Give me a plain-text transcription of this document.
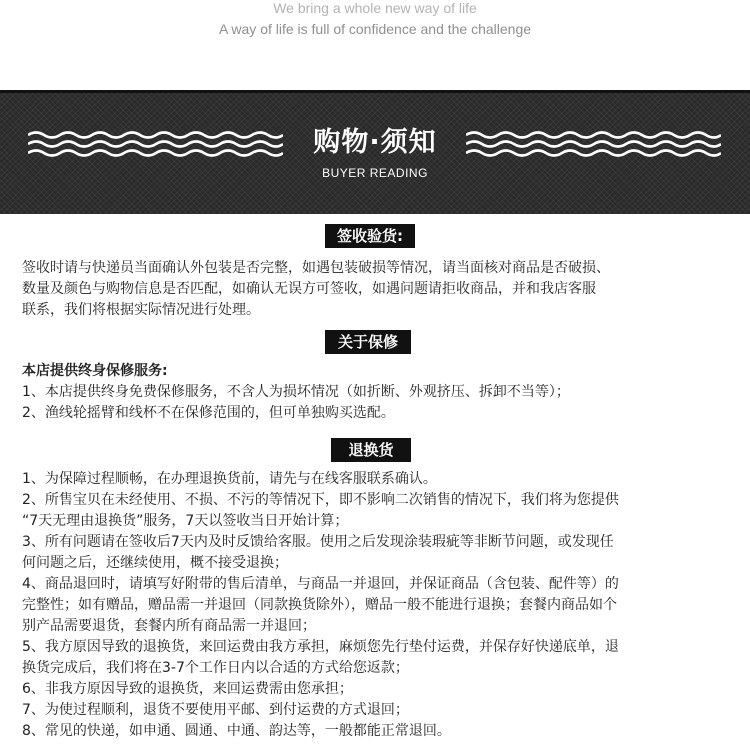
We bring a whole new way of life
A way of life is full of confidence and the challenge
购物·须知
BUYER READING
签收验货:
签收时请与快递员当面确认外包装是否完整，如遇包装破损等情况，请当面核对商品是否破损、
数量及颜色与购物信息是否匹配，如确认无误方可签收，如遇问题请拒收商品，并和我店客服
联系，我们将根据实际情况进行处理。
关于保修
本店提供终身保修服务:
1、本店提供终身免费保修服务，不含人为损坏情况（如折断、外观挤压、拆卸不当等）；
2、渔线轮摇臂和线杯不在保修范围的，但可单独购买选配。
退换货
1、为保障过程顺畅，在办理退换货前，请先与在线客服联系确认。
2、所售宝贝在未经使用、不损、不污的等情况下，即不影响二次销售的情况下，我们将为您提供
“7天无理由退换货”服务，7天以签收当日开始计算；
3、所有问题请在签收后7天内及时反馈给客服。使用之后发现涂装瑕疵等非断节问题，或发现任
何问题之后，还继续使用，概不接受退换；
4、商品退回时，请填写好附带的售后清单，与商品一并退回，并保证商品（含包装、配件等）的
完整性；如有赠品，赠品需一并退回（同款换货除外），赠品一般不能进行退换；套餐内商品如个
别产品需要退货，套餐内所有商品需一并退回；
5、我方原因导致的退换货，来回运费由我方承担，麻烦您先行垫付运费，并保存好快递底单，退
换货完成后，我们将在3-7个工作日内以合适的方式给您返款；
6、非我方原因导致的退换货，来回运费需由您承担；
7、为使过程顺利，退货不要使用平邮、到付运费的方式退回；
8、常见的快递，如申通、圆通、中通、韵达等，一般都能正常退回。
